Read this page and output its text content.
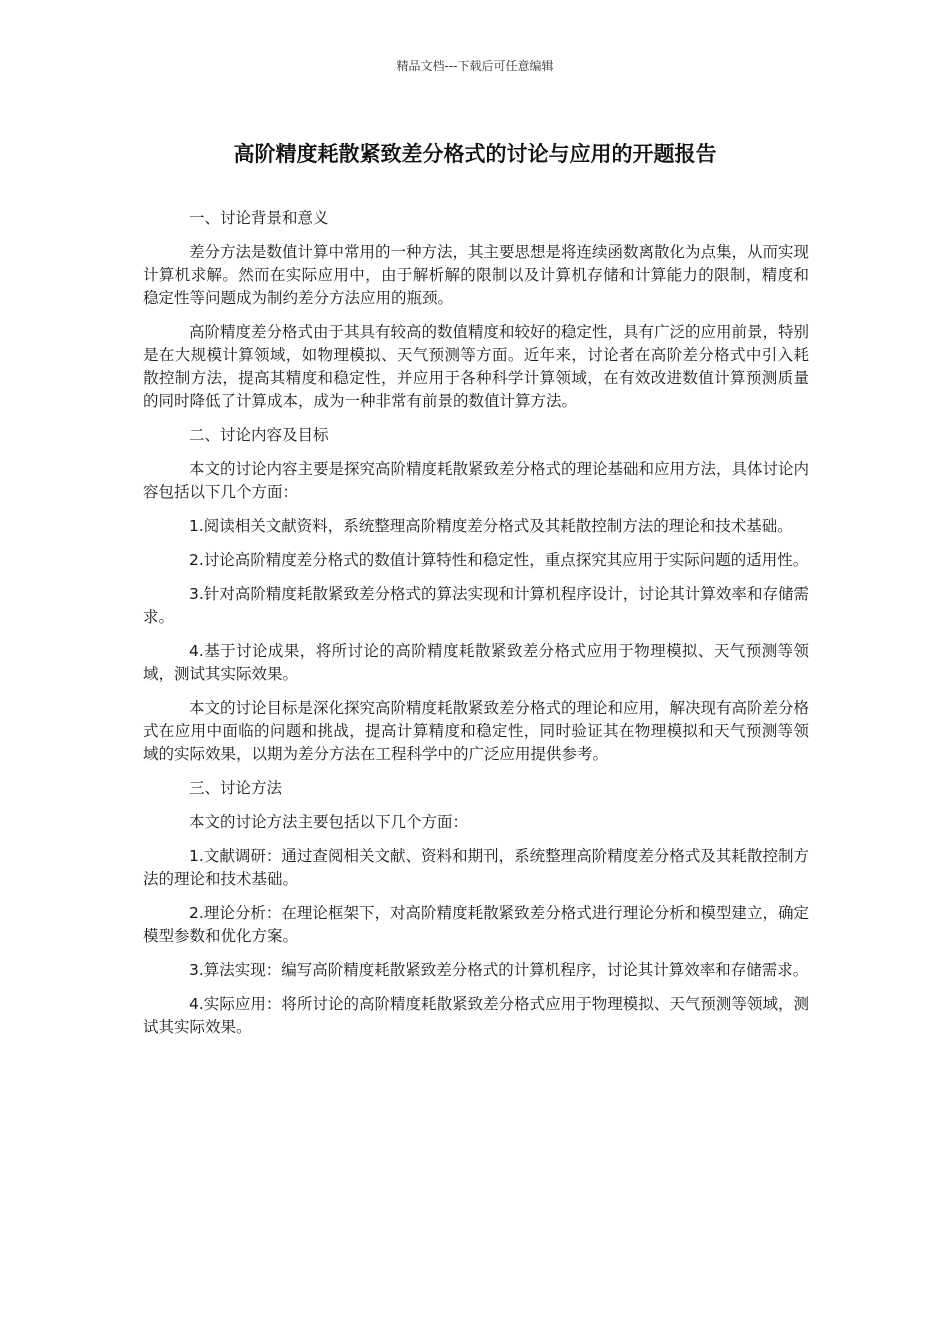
精品文档---下载后可任意编辑
高阶精度耗散紧致差分格式的讨论与应用的开题报告

一、讨论背景和意义

差分方法是数值计算中常用的一种方法，其主要思想是将连续函数离散化为点集，从而实现计算机求解。然而在实际应用中，由于解析解的限制以及计算机存储和计算能力的限制，精度和稳定性等问题成为制约差分方法应用的瓶颈。

高阶精度差分格式由于其具有较高的数值精度和较好的稳定性，具有广泛的应用前景，特别是在大规模计算领域，如物理模拟、天气预测等方面。近年来，讨论者在高阶差分格式中引入耗散控制方法，提高其精度和稳定性，并应用于各种科学计算领域，在有效改进数值计算预测质量的同时降低了计算成本，成为一种非常有前景的数值计算方法。

二、讨论内容及目标

本文的讨论内容主要是探究高阶精度耗散紧致差分格式的理论基础和应用方法，具体讨论内容包括以下几个方面：

1.阅读相关文献资料，系统整理高阶精度差分格式及其耗散控制方法的理论和技术基础。

2.讨论高阶精度差分格式的数值计算特性和稳定性，重点探究其应用于实际问题的适用性。

3.针对高阶精度耗散紧致差分格式的算法实现和计算机程序设计，讨论其计算效率和存储需求。

4.基于讨论成果，将所讨论的高阶精度耗散紧致差分格式应用于物理模拟、天气预测等领域，测试其实际效果。

本文的讨论目标是深化探究高阶精度耗散紧致差分格式的理论和应用，解决现有高阶差分格式在应用中面临的问题和挑战，提高计算精度和稳定性，同时验证其在物理模拟和天气预测等领域的实际效果，以期为差分方法在工程科学中的广泛应用提供参考。

三、讨论方法

本文的讨论方法主要包括以下几个方面：

1.文献调研：通过查阅相关文献、资料和期刊，系统整理高阶精度差分格式及其耗散控制方法的理论和技术基础。

2.理论分析：在理论框架下，对高阶精度耗散紧致差分格式进行理论分析和模型建立，确定模型参数和优化方案。

3.算法实现：编写高阶精度耗散紧致差分格式的计算机程序，讨论其计算效率和存储需求。

4.实际应用：将所讨论的高阶精度耗散紧致差分格式应用于物理模拟、天气预测等领域，测试其实际效果。
